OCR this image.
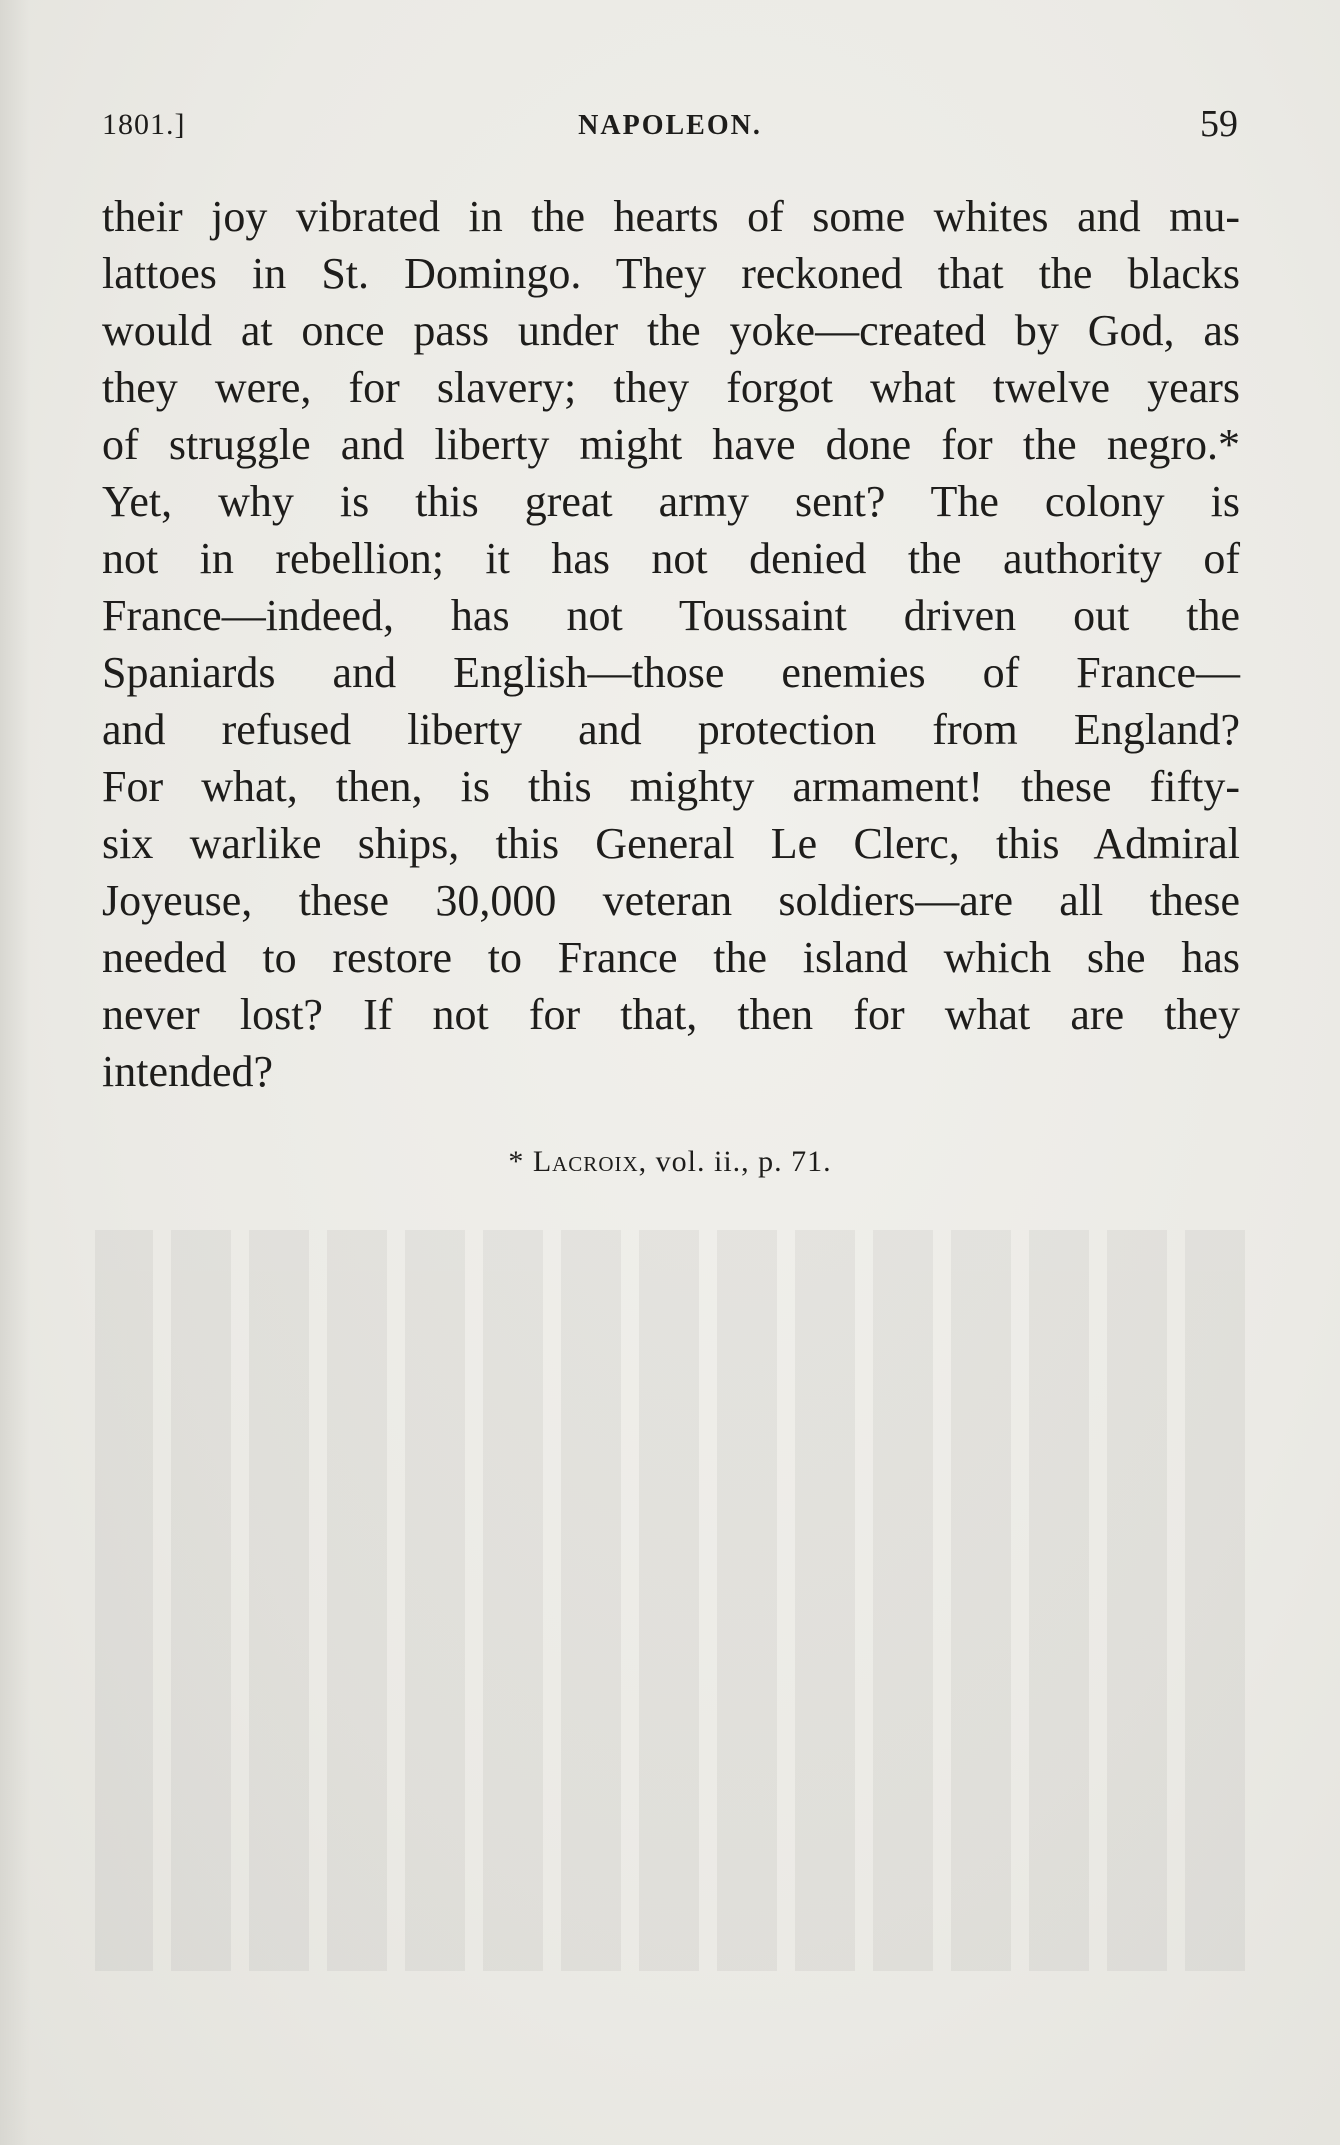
1801.]	NAPOLEON.	59
their joy vibrated in the hearts of some whites and mu-
lattoes in St. Domingo. They reckoned that the blacks
would at once pass under the yoke—created by God, as
they were, for slavery; they forgot what twelve years
of struggle and liberty might have done for the negro.*
Yet, why is this great army sent? The colony is
not in rebellion; it has not denied the authority of
France—indeed, has not Toussaint driven out the
Spaniards and English—those enemies of France—
and refused liberty and protection from England?
For what, then, is this mighty armament! these fifty-
six warlike ships, this General Le Clerc, this Admiral
Joyeuse, these 30,000 veteran soldiers—are all these
needed to restore to France the island which she has
never lost? If not for that, then for what are they
intended?
* Lacroix, vol. ii., p. 71.
